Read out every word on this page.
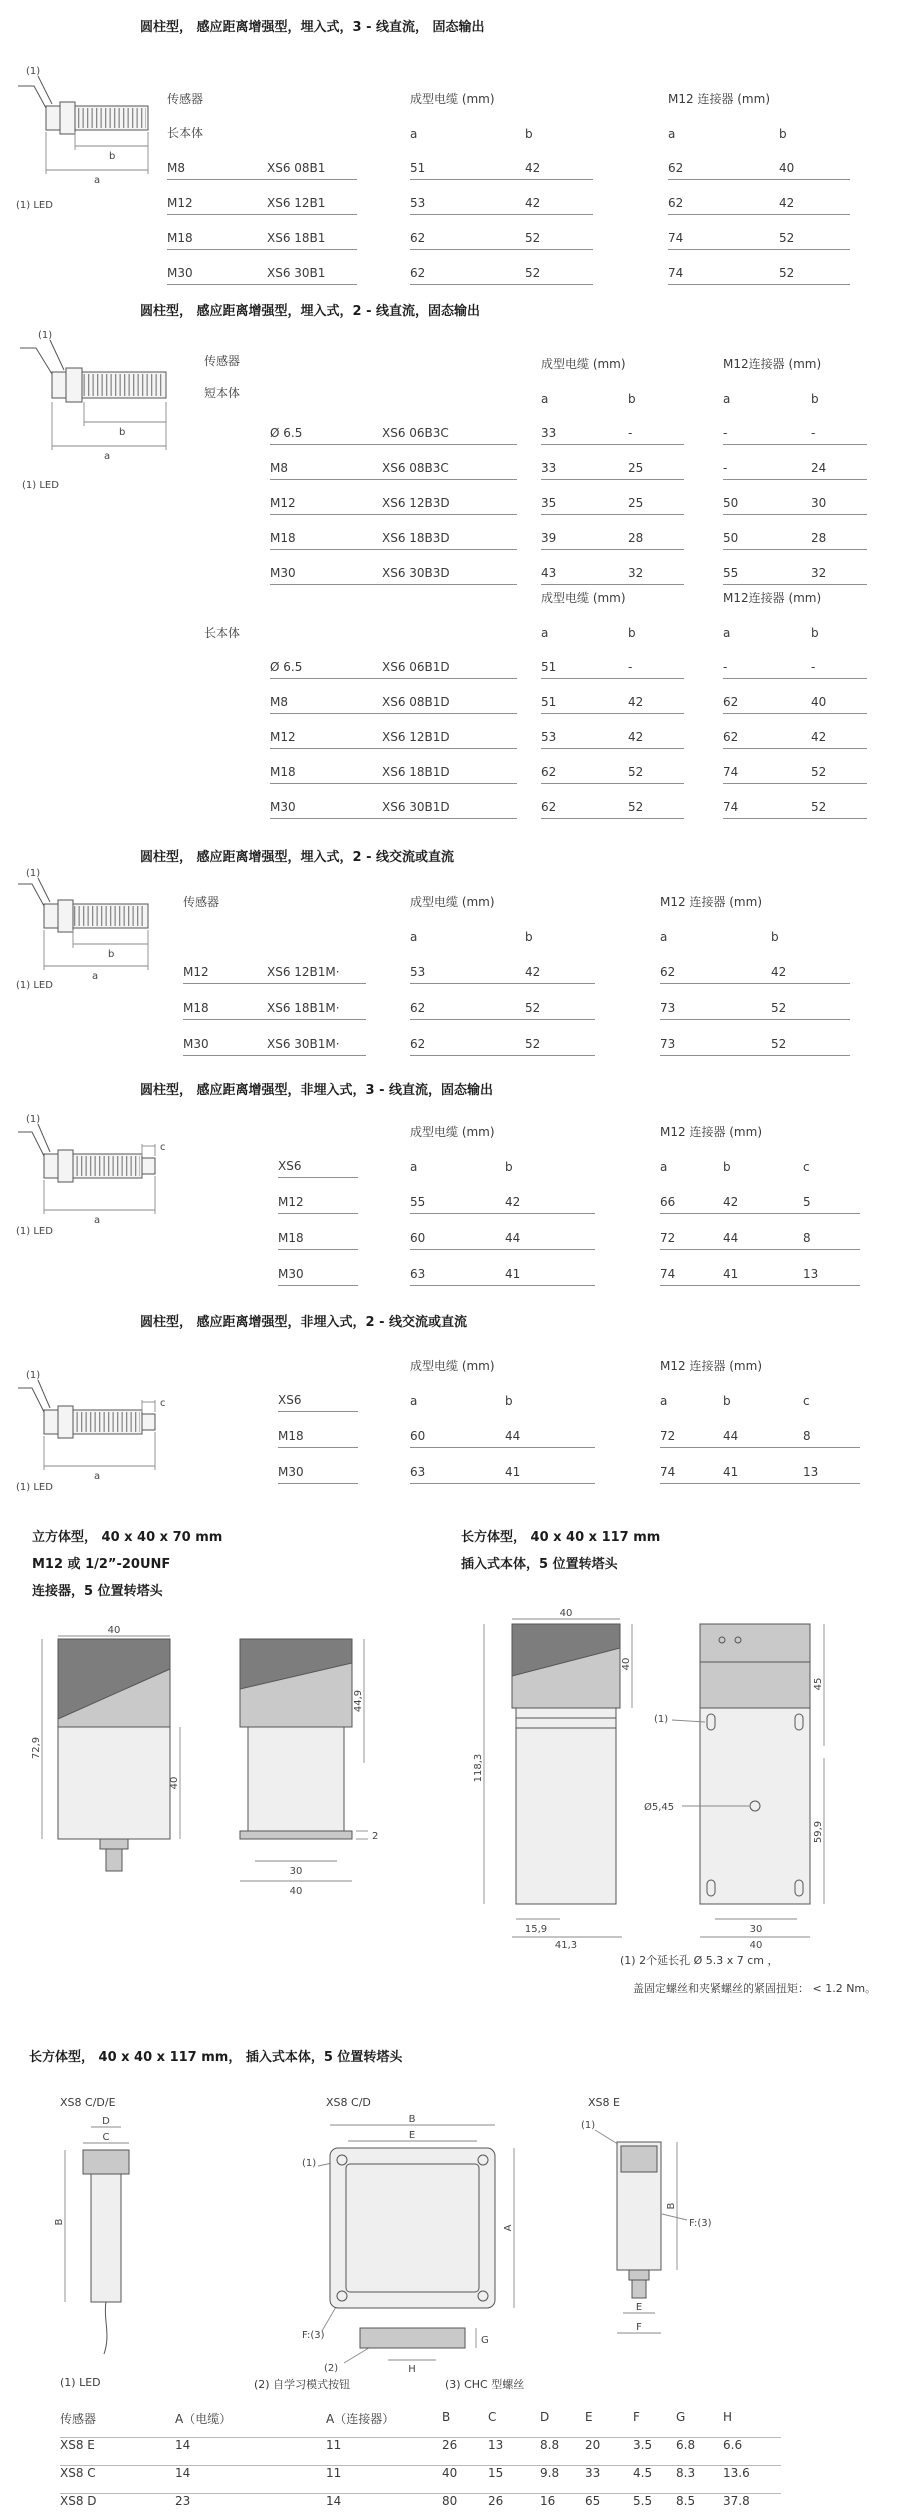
圆柱型， 感应距离增强型，埋入式，3 - 线直流， 固态输出
(1)
b
a
(1) LED
传感器	成型电缆 (mm)	M12 连接器 (mm)
长本体	a	b	a	b
M8	XS6 08B1	51	42	62	40
M12	XS6 12B1	53	42	62	42
M18	XS6 18B1	62	52	74	52
M30	XS6 30B1	62	52	74	52
圆柱型， 感应距离增强型，埋入式，2 - 线直流，固态输出
(1)
b
a
(1) LED
传感器
短本体
长本体
成型电缆 (mm)	M12连接器 (mm)
a	b	a	b
Ø 6.5	XS6 06B3C	33	-	-	-
M8	XS6 08B3C	33	25	-	24
M12	XS6 12B3D	35	25	50	30
M18	XS6 18B3D	39	28	50	28
M30	XS6 30B3D	43	32	55	32
成型电缆 (mm)	M12连接器 (mm)
a	b	a	b
Ø 6.5	XS6 06B1D	51	-	-	-
M8	XS6 08B1D	51	42	62	40
M12	XS6 12B1D	53	42	62	42
M18	XS6 18B1D	62	52	74	52
M30	XS6 30B1D	62	52	74	52
圆柱型， 感应距离增强型，埋入式，2 - 线交流或直流
(1)
b
a
(1) LED
传感器	成型电缆 (mm)	M12 连接器 (mm)
a	b	a	b
M12	XS6 12B1M·	53	42	62	42
M18	XS6 18B1M·	62	52	73	52
M30	XS6 30B1M·	62	52	73	52
圆柱型， 感应距离增强型，非埋入式，3 - 线直流，固态输出
(1)
c
a
(1) LED
成型电缆 (mm)	M12 连接器 (mm)
XS6	a	b	a	b	c
M12	55	42	66	42	5
M18	60	44	72	44	8
M30	63	41	74	41	13
圆柱型， 感应距离增强型，非埋入式，2 - 线交流或直流
(1)
c
a
(1) LED
成型电缆 (mm)	M12 连接器 (mm)
XS6	a	b	a	b	c
M18	60	44	72	44	8
M30	63	41	74	41	13
立方体型， 40 x 40 x 70 mm
M12 或 1/2”-20UNF
连接器，5 位置转塔头
长方体型， 40 x 40 x 117 mm
插入式本体，5 位置转塔头
40
72,9
40
44,9
2
30
40
40
40
118,3
15,9
41,3
Ø5,45
(1)
45
59,9
30
40
(1) 2个延长孔 Ø 5.3 x 7 cm ，
盖固定螺丝和夹紧螺丝的紧固扭矩： < 1.2 Nm。
长方体型， 40 x 40 x 117 mm， 插入式本体，5 位置转塔头
XS8 C/D/E	XS8 C/D	XS8 E
D
C
B
B
E
(1)
F:(3)
A
(2)
G
H
(1)
B
F:(3)
E
F
(1) LED	(2) 自学习模式按钮	(3) CHC 型螺丝
传感器	A（电缆）	A（连接器）	B	C	D	E	F	G	H
XS8 E	14	11	26	13	8.8	20	3.5	6.8	6.6
XS8 C	14	11	40	15	9.8	33	4.5	8.3	13.6
XS8 D	23	14	80	26	16	65	5.5	8.5	37.8
